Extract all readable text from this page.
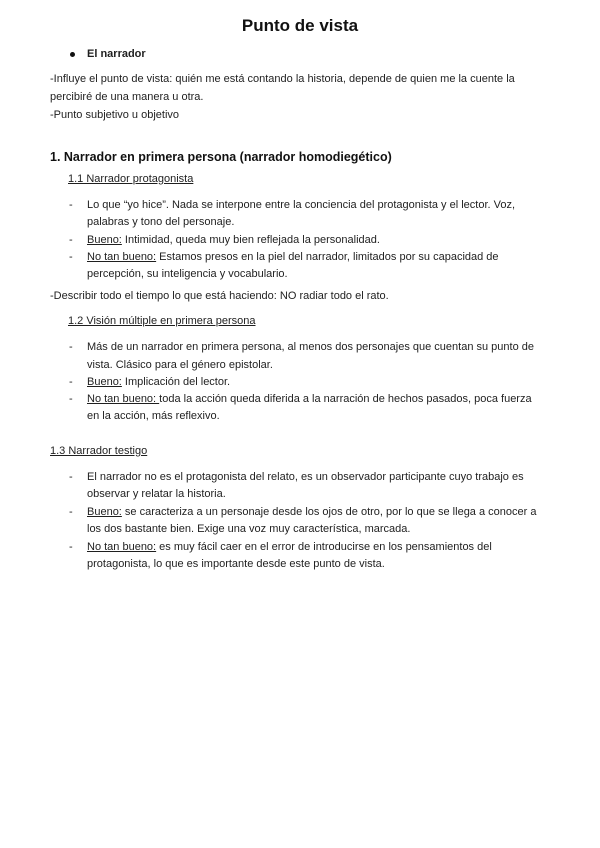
Punto de vista
El narrador
-Influye el punto de vista: quién me está contando la historia, depende de quien me la cuente la
percibiré de una manera u otra.
-Punto subjetivo u objetivo
1. Narrador en primera persona (narrador homodiegético)
1.1 Narrador protagonista
- Lo que “yo hice”. Nada se interpone entre la conciencia del protagonista y el lector. Voz,
palabras y tono del personaje.
- Bueno: Intimidad, queda muy bien reflejada la personalidad.
- No tan bueno: Estamos presos en la piel del narrador, limitados por su capacidad de
percepción, su inteligencia y vocabulario.
-Describir todo el tiempo lo que está haciendo: NO radiar todo el rato.
1.2 Visión múltiple en primera persona
- Más de un narrador en primera persona, al menos dos personajes que cuentan su punto de
vista. Clásico para el género epistolar.
- Bueno: Implicación del lector.
- No tan bueno: toda la acción queda diferida a la narración de hechos pasados, poca fuerza
en la acción, más reflexivo.
1.3 Narrador testigo
- El narrador no es el protagonista del relato, es un observador participante cuyo trabajo es
observar y relatar la historia.
- Bueno: se caracteriza a un personaje desde los ojos de otro, por lo que se llega a conocer a
los dos bastante bien. Exige una voz muy característica, marcada.
- No tan bueno: es muy fácil caer en el error de introducirse en los pensamientos del
protagonista, lo que es importante desde este punto de vista.
